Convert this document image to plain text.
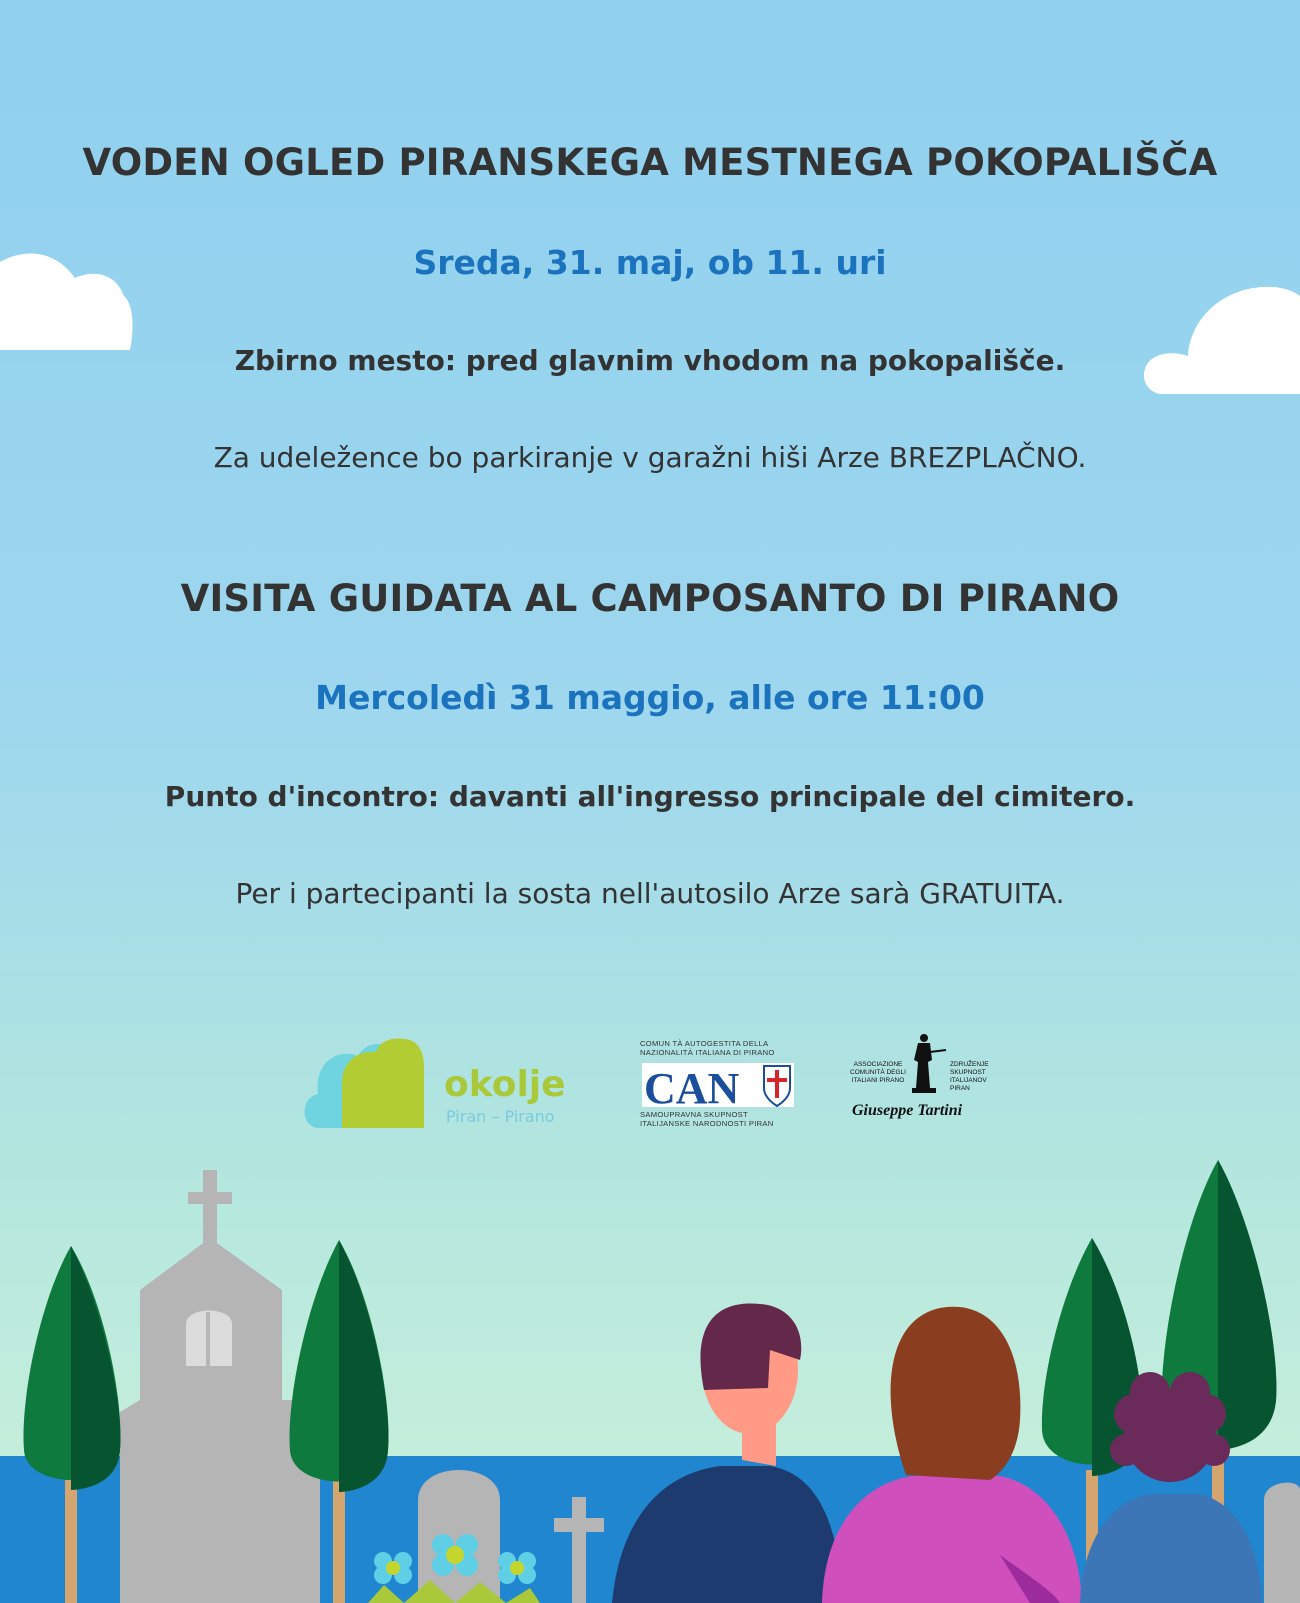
VODEN OGLED PIRANSKEGA MESTNEGA POKOPALIŠČA

Sreda, 31. maj, ob 11. uri

Zbirno mesto: pred glavnim vhodom na pokopališče.

Za udeležence bo parkiranje v garažni hiši Arze BREZPLAČNO.

VISITA GUIDATA AL CAMPOSANTO DI PIRANO

Mercoledì 31 maggio, alle ore 11:00

Punto d'incontro: davanti all'ingresso principale del cimitero.

Per i partecipanti la sosta nell'autosilo Arze sarà GRATUITA.

okolje
Piran – Pirano
COMUN TÀ AUTOGESTITA DELLA NAZIONALITÀ ITALIANA DI PIRANO
CAN
SAMOUPRAVNA SKUPNOST ITALIJANSKE NARODNOSTI PIRAN
ASSOCIAZIONE COMUNITÀ DEGLI ITALIANI PIRANO
ZDRUŽENJE SKUPNOST ITALIJANOV PIRAN
Giuseppe Tartini
